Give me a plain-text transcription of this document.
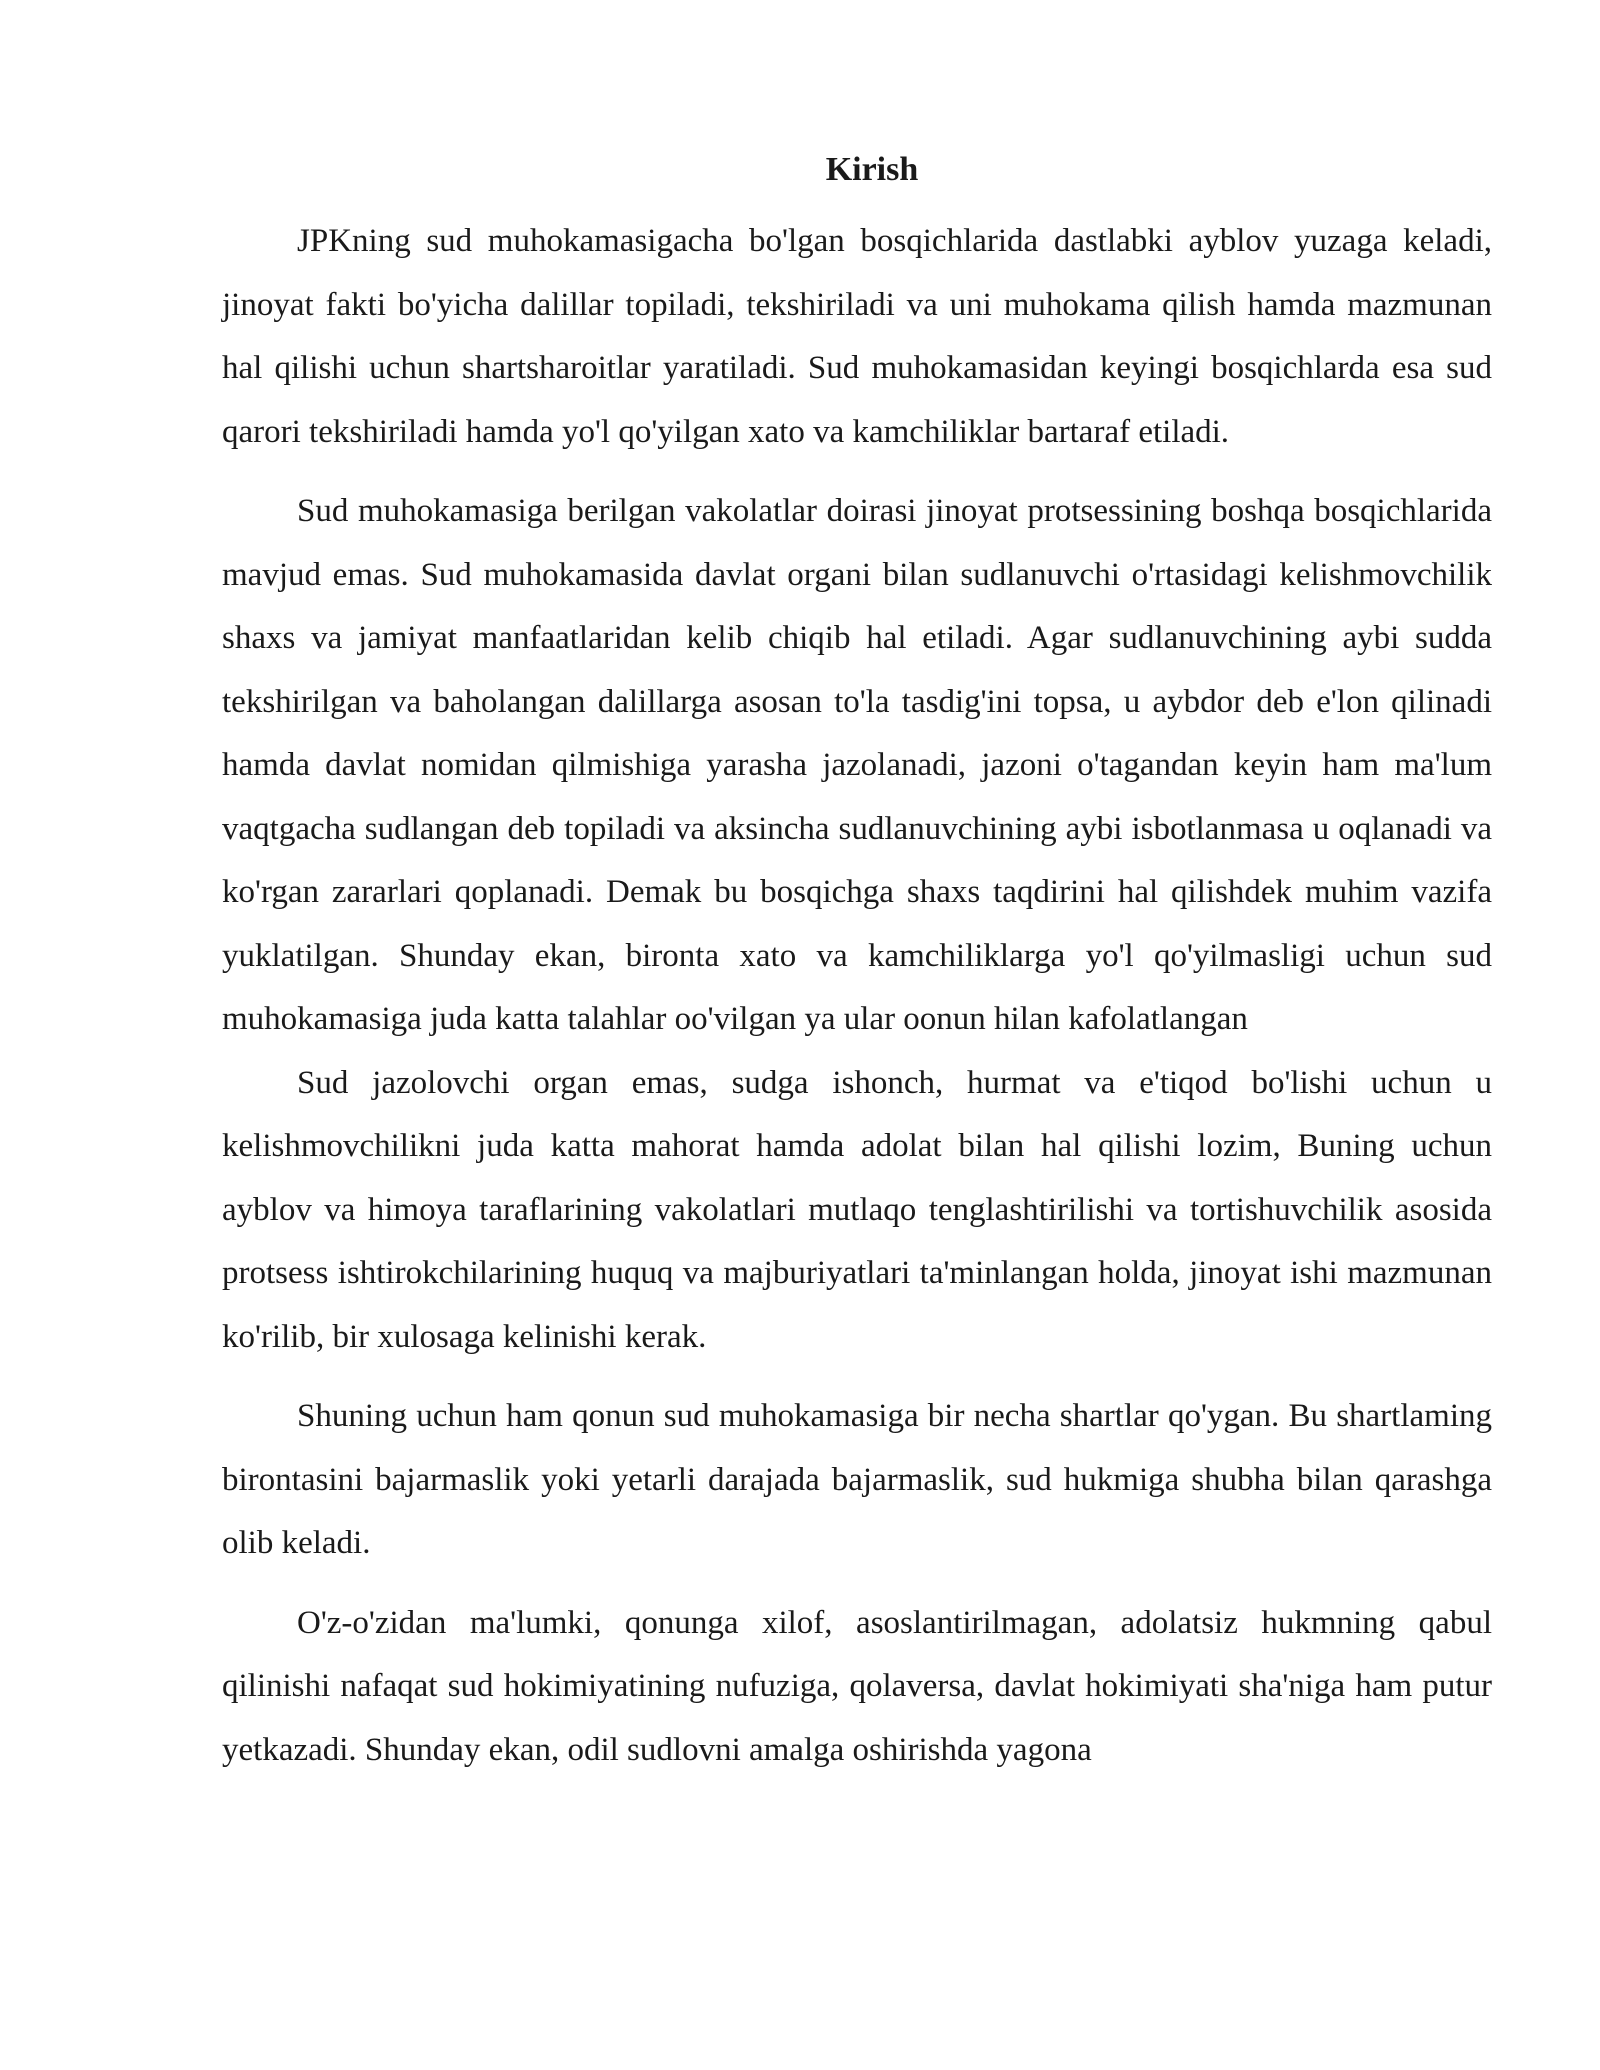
Kirish

JPKning sud muhokamasigacha bo'lgan bosqichlarida dastlabki ayblov yuzaga keladi, jinoyat fakti bo'yicha dalillar topiladi, tekshiriladi va uni muhokama qilish hamda mazmunan hal qilishi uchun shartsharoitlar yaratiladi. Sud muhokamasidan keyingi bosqichlarda esa sud qarori tekshiriladi hamda yo'l qo'yilgan xato va kamchiliklar bartaraf etiladi.

Sud muhokamasiga berilgan vakolatlar doirasi jinoyat protsessining boshqa bosqichlarida mavjud emas. Sud muhokamasida davlat organi bilan sudlanuvchi o'rtasidagi kelishmovchilik shaxs va jamiyat manfaatlaridan kelib chiqib hal etiladi. Agar sudlanuvchining aybi sudda tekshirilgan va baholangan dalillarga asosan to'la tasdig'ini topsa, u aybdor deb e'lon qilinadi hamda davlat nomidan qilmishiga yarasha jazolanadi, jazoni o'tagandan keyin ham ma'lum vaqtgacha sudlangan deb topiladi va aksincha sudlanuvchining aybi isbotlanmasa u oqlanadi va ko'rgan zararlari qoplanadi. Demak bu bosqichga shaxs taqdirini hal qilishdek muhim vazifa yuklatilgan. Shunday ekan, bironta xato va kamchiliklarga yo'l qo'yilmasligi uchun sud muhokamasiga juda katta talahlar oo'vilgan ya ular oonun hilan kafolatlangan

Sud jazolovchi organ emas, sudga ishonch, hurmat va e'tiqod bo'lishi uchun u kelishmovchilikni juda katta mahorat hamda adolat bilan hal qilishi lozim, Buning uchun ayblov va himoya taraflarining vakolatlari mutlaqo tenglashtirilishi va tortishuvchilik asosida protsess ishtirokchilarining huquq va majburiyatlari ta'minlangan holda, jinoyat ishi mazmunan ko'rilib, bir xulosaga kelinishi kerak.

Shuning uchun ham qonun sud muhokamasiga bir necha shartlar qo'ygan. Bu shartlaming birontasini bajarmaslik yoki yetarli darajada bajarmaslik, sud hukmiga shubha bilan qarashga olib keladi.

O'z-o'zidan ma'lumki, qonunga xilof, asoslantirilmagan, adolatsiz hukmning qabul qilinishi nafaqat sud hokimiyatining nufuziga, qolaversa, davlat hokimiyati sha'niga ham putur yetkazadi. Shunday ekan, odil sudlovni amalga oshirishda yagona
